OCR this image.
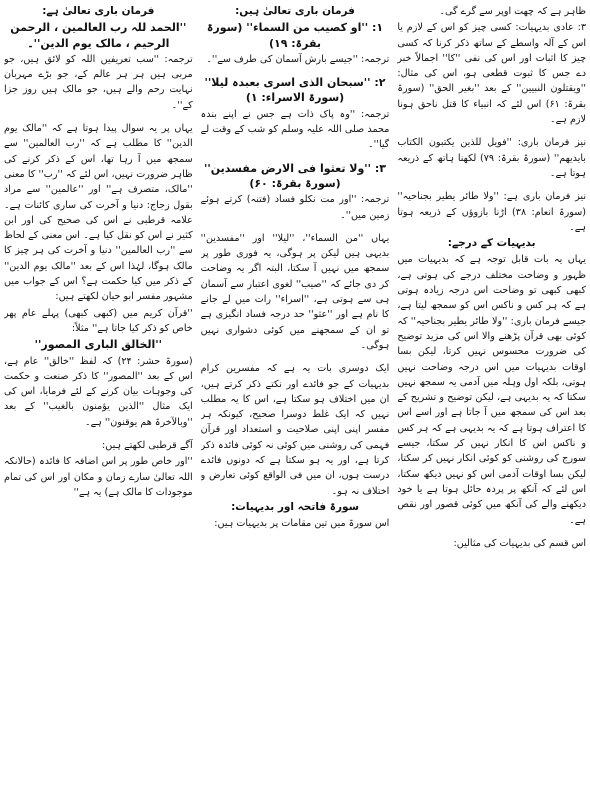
ظاہر ہے کہ چھت اوپر سے گرے گی۔

۳: عادی بدیہیات: کسی چیز کو اس کے لازم یا اس کے آلہ واسطے کے ساتھ ذکر کرنا کہ کسی چیز کا اثبات اور اس کی نفی ''کا'' اجمالاً خبر دے جس کا ثبوت قطعی ہو، اس کی مثال: ''ویقتلون النبیین'' کے بعد ''بغیر الحق'' (سورۃ بقرۃ: ۶۱) اس لئے کہ انبیاء کا قتل ناحق ہونا لازم ہے۔

نیز فرمان باری: ''فویل للذین یکتبون الکتاب بایدیھم'' (سورۃ بقرۃ: ۷۹) لکھنا ہاتھ کے ذریعہ ہوتا ہے۔

نیز فرمان باری ہے: ''ولا طائر یطیر بجناحیہ'' (سورۃ انعام: ۳۸) اڑنا بازوؤں کے ذریعہ ہوتا ہے۔

بدیہیات کے درجے:

یہاں یہ بات قابل توجہ ہے کہ بدیہیات میں ظہور و وضاحت مختلف درجے کی ہوتی ہے، کبھی کبھی تو وضاحت اس درجہ زیادہ ہوتی ہے کہ ہر کس و ناکس اس کو سمجھ لیتا ہے، جیسے فرمان باری: ''ولا طائر یطیر بجناحیہ'' کہ کوئی بھی قرآن پڑھنے والا اس کی مزید توضیح کی ضرورت محسوس نہیں کرتا، لیکن بسا اوقات بدیہیات میں اس درجہ وضاحت نہیں ہوتی، بلکہ اول وہلہ میں آدمی یہ سمجھ نہیں سکتا کہ یہ بدیہی ہے، لیکن توضیح و تشریح کے بعد اس کی سمجھ میں آ جاتا ہے اور اسے اس کا اعتراف ہوتا ہے کہ یہ بدیہی ہے کہ ہر کس و ناکس اس کا انکار نہیں کر سکتا، جیسے سورج کی روشنی کو کوئی انکار نہیں کر سکتا، لیکن بسا اوقات آدمی اس کو نہیں دیکھ سکتا، اس لئے کہ آنکھ پر پردہ حائل ہوتا ہے یا خود دیکھنے والے کی آنکھ میں کوئی قصور اور نقص ہے۔

اس قسم کی بدیہیات کی مثالیں:

فرمان باری تعالیٰ ہیں:

۱: ''او کصیب من السماء'' (سورۃ بقرۃ: ۱۹)

ترجمہ: ''جیسے بارش آسمان کی طرف سے''۔

۲: ''سبحان الذی اسری بعبدہ لیلا'' (سورۃ الاسراء: ۱)

ترجمہ: ''وہ پاک ذات ہے جس نے اپنے بندہ محمد صلی اللہ علیہ وسلم کو شب کے وقت لے گیا''۔

۳: ''ولا تعثوا فی الارض مفسدین'' (سورۃ بقرۃ: ۶۰)

ترجمہ: ''اور مت نکلو فساد (فتنہ) کرتے ہوئے زمین میں''۔

یہاں ''من السماء''، ''لیلا'' اور ''مفسدین'' بدیہی ہیں لیکن پر ہوگی، یہ فوری طور پر سمجھ میں نہیں آ سکتا، البتہ اگر یہ وضاحت کر دی جائے کہ ''صیب'' لغوی اعتبار سے آسمان ہی سے ہوتی ہے، ''اسراء'' رات میں لے جانے کا نام ہے اور ''عثو'' حد درجہ فساد انگیزی ہے تو ان کے سمجھنے میں کوئی دشواری نہیں ہوگی۔

ایک دوسری بات یہ ہے کہ مفسرین کرام بدیہیات کے جو فائدے اور نکتے ذکر کرتے ہیں، ان میں اختلاف ہو سکتا ہے، اس کا یہ مطلب نہیں کہ ایک غلط دوسرا صحیح، کیونکہ ہر مفسر اپنی اپنی صلاحیت و استعداد اور قرآن فہمی کی روشنی میں کوئی نہ کوئی فائدہ ذکر کرتا ہے، اور یہ ہو سکتا ہے کہ دونوں فائدے درست ہوں، ان میں فی الواقع کوئی تعارض و اختلاف نہ ہو۔

سورۃ فاتحہ اور بدیہیات:

اس سورۃ میں تین مقامات پر بدیہیات ہیں:

فرمان باری تعالیٰ ہے:

''الحمد للہ رب العالمین ، الرحمن الرحیم ، مالک یوم الدین''۔

ترجمہ: ''سب تعریفیں اللہ کو لائق ہیں، جو مربی ہیں ہر ہر عالم کے، جو بڑے مہربان نہایت رحم والے ہیں، جو مالک ہیں روز جزا کے''۔

یہاں پر یہ سوال پیدا ہوتا ہے کہ ''مالک یوم الدین'' کا مطلب ہے کہ ''رب العالمین'' سے سمجھ میں آ رہا تھا، اس کے ذکر کرنے کی ظاہر ضرورت نہیں، اس لئے کہ ''رب'' کا معنی ''مالک، متصرف ہے'' اور ''عالمین'' سے مراد بقول زجاج: دنیا و آخرت کی ساری کائنات ہے۔ علامہ قرطبی نے اس کی صحیح کی اور ابن کثیر نے اس کو نقل کیا ہے۔ اس معنی کے لحاظ سے ''رب العالمین'' دنیا و آخرت کی ہر چیز کا مالک ہوگا، لہٰذا اس کے بعد ''مالک یوم الدین'' کے ذکر میں کیا حکمت ہے؟ اس کے جواب میں مشہور مفسر ابو حیان لکھتے ہیں:

''قرآن کریم میں (کبھی کبھی) پہلے عام پھر خاص کو ذکر کیا جاتا ہے'' مثلاً:

''الخالق الباری المصور''

(سورۃ حشر: ۲۴) کہ لفظ ''خالق'' عام ہے، اس کے بعد ''المصور'' کا ذکر صنعت و حکمت کی وجوہات بیان کرنے کے لئے فرمایا، اس کی ایک مثال ''الذین یؤمنون بالغیب'' کے بعد ''وبالآخرۃ ھم یوقنون'' ہے۔

آگے قرطبی لکھتے ہیں:

''اور خاص طور پر اس اضافہ کا فائدہ (حالانکہ اللہ تعالیٰ سارے زمان و مکان اور اس کی تمام موجودات کا مالک ہے) یہ ہے''
